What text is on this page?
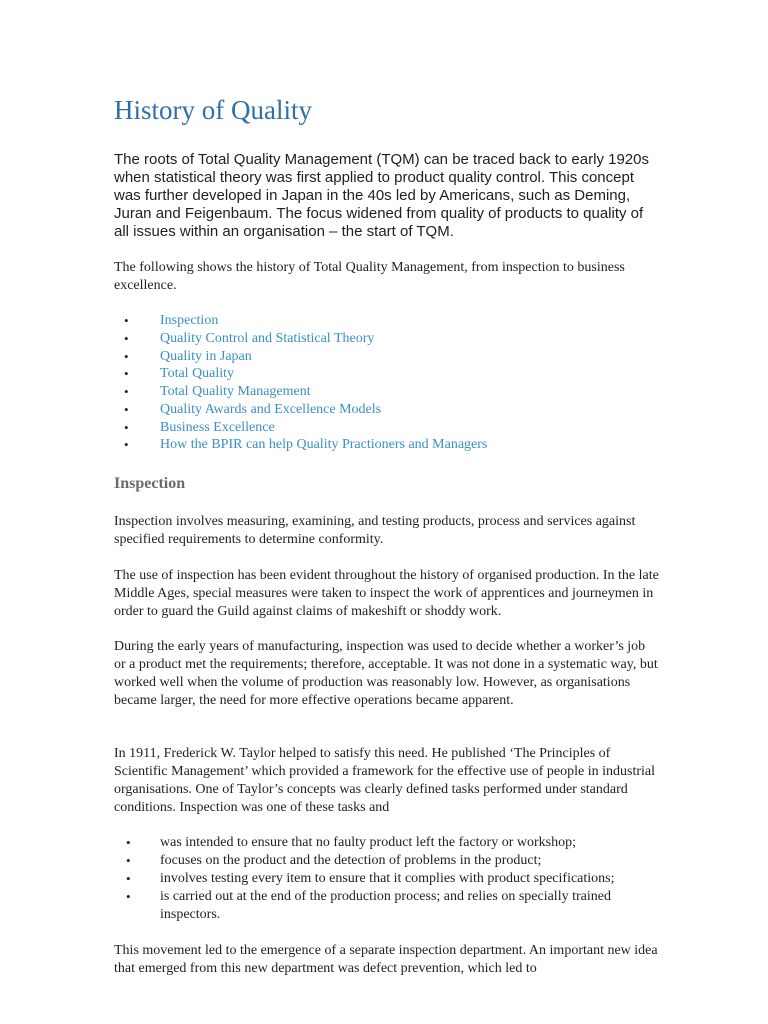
History of Quality

The roots of Total Quality Management (TQM) can be traced back to early 1920s when statistical theory was first applied to product quality control. This concept was further developed in Japan in the 40s led by Americans, such as Deming, Juran and Feigenbaum. The focus widened from quality of products to quality of all issues within an organisation – the start of TQM.

The following shows the history of Total Quality Management, from inspection to business excellence.

• Inspection
• Quality Control and Statistical Theory
• Quality in Japan
• Total Quality
• Total Quality Management
• Quality Awards and Excellence Models
• Business Excellence
• How the BPIR can help Quality Practioners and Managers
Inspection

Inspection involves measuring, examining, and testing products, process and services against specified requirements to determine conformity.

The use of inspection has been evident throughout the history of organised production. In the late Middle Ages, special measures were taken to inspect the work of apprentices and journeymen in order to guard the Guild against claims of makeshift or shoddy work.

During the early years of manufacturing, inspection was used to decide whether a worker’s job or a product met the requirements; therefore, acceptable. It was not done in a systematic way, but worked well when the volume of production was reasonably low. However, as organisations became larger, the need for more effective operations became apparent.

In 1911, Frederick W. Taylor helped to satisfy this need. He published ‘The Principles of Scientific Management’ which provided a framework for the effective use of people in industrial organisations. One of Taylor’s concepts was clearly defined tasks performed under standard conditions. Inspection was one of these tasks and

• was intended to ensure that no faulty product left the factory or workshop;
• focuses on the product and the detection of problems in the product;
• involves testing every item to ensure that it complies with product specifications;
• is carried out at the end of the production process; and relies on specially trained inspectors.

This movement led to the emergence of a separate inspection department. An important new idea that emerged from this new department was defect prevention, which led to
